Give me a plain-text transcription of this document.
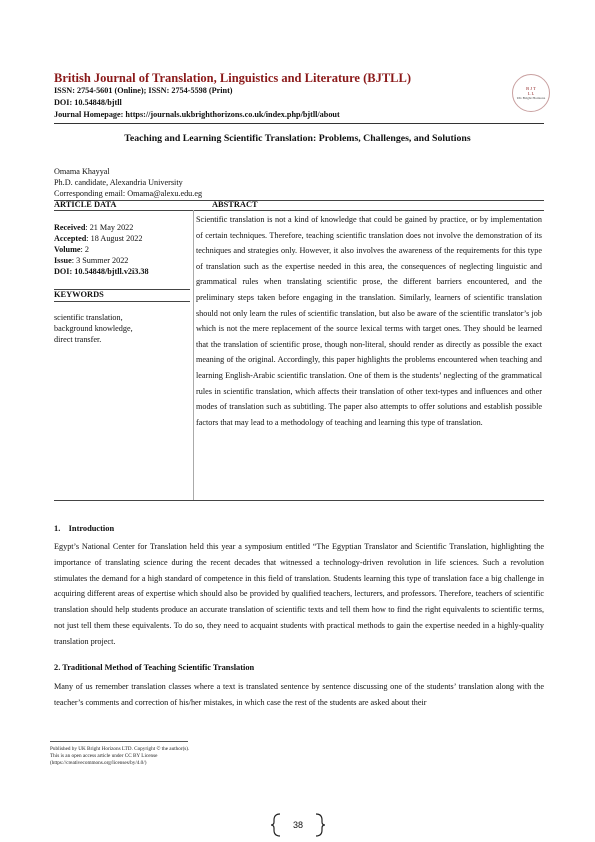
British Journal of Translation, Linguistics and Literature (BJTLL)
ISSN: 2754-5601 (Online); ISSN: 2754-5598 (Print)
DOI: 10.54848/bjtll
Journal Homepage: https://journals.ukbrighthorizons.co.uk/index.php/bjtll/about
B J T
L L
UK Bright Horizons
Teaching and Learning Scientific Translation: Problems, Challenges, and Solutions
Omama Khayyal
Ph.D. candidate, Alexandria University
Corresponding email: Omama@alexu.edu.eg
ARTICLE DATA	ABSTRACT
Received: 21 May 2022
Accepted: 18 August 2022
Volume: 2
Issue: 3 Summer 2022
DOI: 10.54848/bjtll.v2i3.38
KEYWORDS
scientific translation,
background knowledge,
direct transfer.
Scientific translation is not a kind of knowledge that could be gained by practice, or by implementation of certain techniques. Therefore, teaching scientific translation does not involve the demonstration of its techniques and strategies only. However, it also involves the awareness of the requirements for this type of translation such as the expertise needed in this area, the consequences of neglecting linguistic and grammatical rules when translating scientific prose, the different barriers encountered, and the preliminary steps taken before engaging in the translation. Similarly, learners of scientific translation should not only learn the rules of scientific translation, but also be aware of the scientific translator’s job which is not the mere replacement of the source lexical terms with target ones. They should be learned that the translation of scientific prose, though non-literal, should render as directly as possible the exact meaning of the original. Accordingly, this paper highlights the problems encountered when teaching and learning English-Arabic scientific translation. One of them is the students’ neglecting of the grammatical rules in scientific translation, which affects their translation of other text-types and influences and other modes of translation such as subtitling. The paper also attempts to offer solutions and establish possible factors that may lead to a methodology of teaching and learning this type of translation.
1. Introduction
Egypt’s National Center for Translation held this year a symposium entitled “The Egyptian Translator and Scientific Translation, highlighting the importance of translating science during the recent decades that witnessed a technology-driven revolution in life sciences. Such a revolution stimulates the demand for a high standard of competence in this field of translation. Students learning this type of translation face a big challenge in acquiring different areas of expertise which should also be provided by qualified teachers, lecturers, and professors. Therefore, teachers of scientific translation should help students produce an accurate translation of scientific texts and tell them how to find the right equivalents to scientific terms, not just tell them these equivalents. To do so, they need to acquaint students with practical methods to gain the expertise needed in a highly-quality translation project.
2. Traditional Method of Teaching Scientific Translation
Many of us remember translation classes where a text is translated sentence by sentence discussing one of the students’ translation along with the teacher’s comments and correction of his/her mistakes, in which case the rest of the students are asked about their
Published by UK Bright Horizons LTD. Copyright © the author(s).
This is an open access article under CC BY License
(https://creativecommons.org/licenses/by/4.0/)
38
